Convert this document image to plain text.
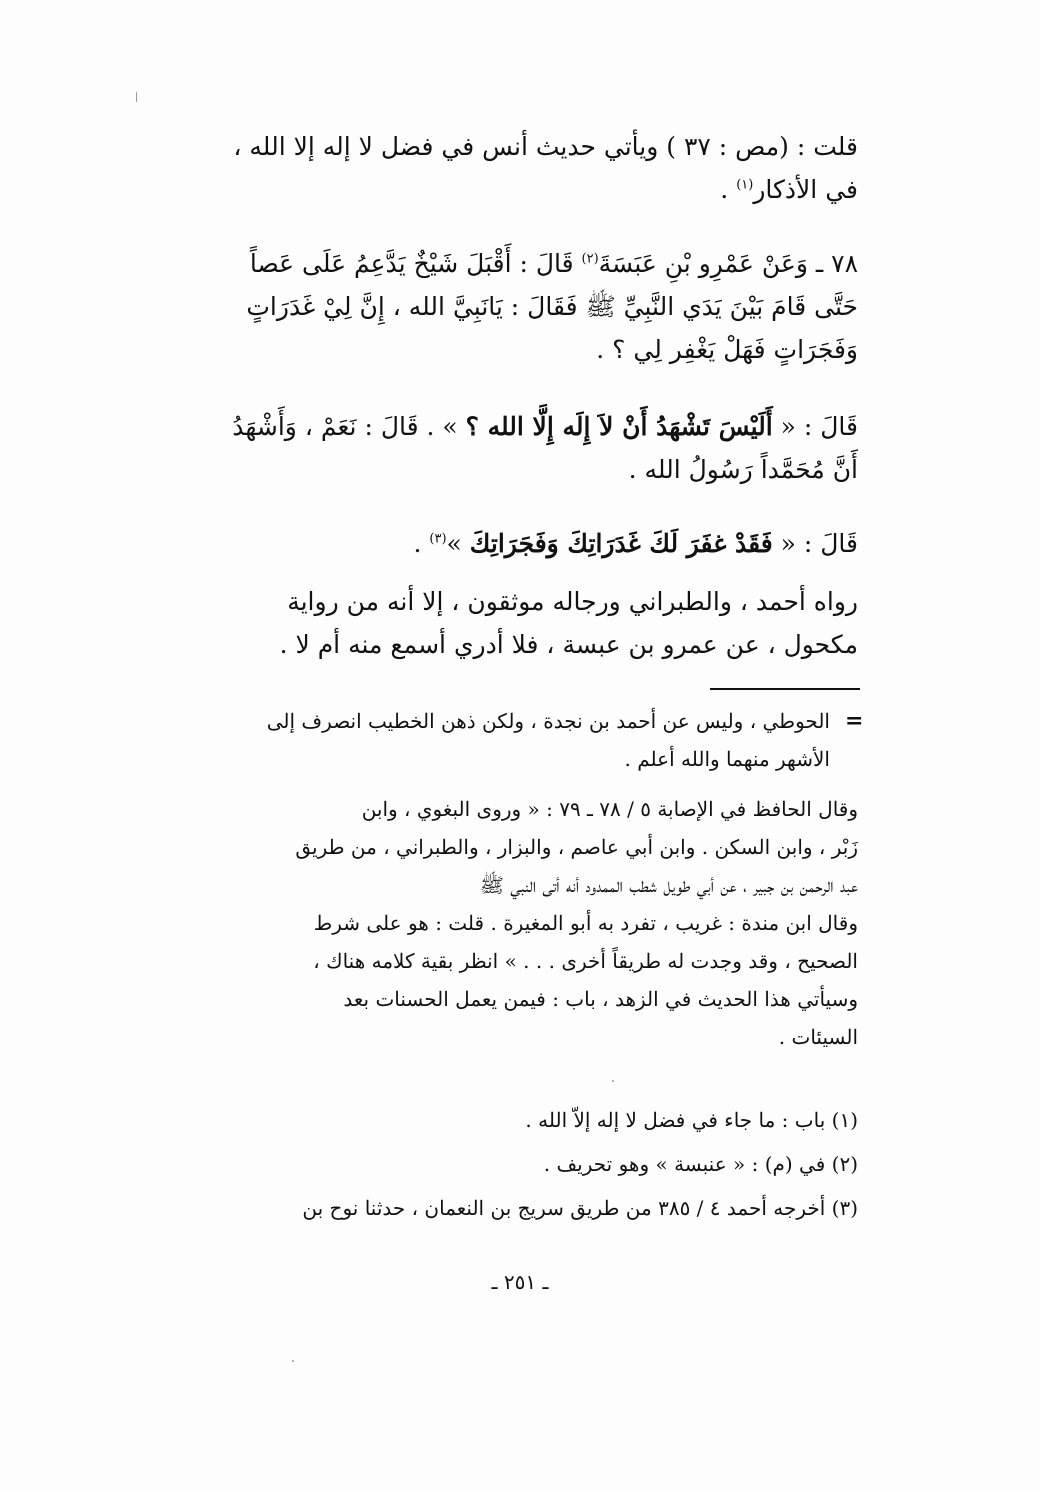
قلت : (مص : ٣٧ ) ويأتي حديث أنس في فضل لا إله إلا الله ،

في الأذكار$^{(١)}$ .

٧٨ ـ وَعَنْ عَمْرِو بْنِ عَبَسَةَ$^{(٢)}$ قَالَ : أَقْبَلَ شَيْخٌ يَدَّعِمُ عَلَى عَصاً

حَتَّى قَامَ بَيْنَ يَدَي النَّبِيِّ ﷺ فَقَالَ : يَانَبِيَّ الله ، إِنَّ لِيْ غَدَرَاتٍ

وَفَجَرَاتٍ فَهَلْ يَغْفِر لِي ؟ .

قَالَ : « أَلَيْسَ تَشْهَدُ أَنْ لاَ إِلَه إِلَّا الله ؟ » . قَالَ : نَعَمْ ، وَأَشْهَدُ

أَنَّ مُحَمَّداً رَسُولُ الله .

قَالَ : « فَقَدْ غفَرَ لَكَ غَدَرَاتِكَ وَفَجَرَاتِكَ »$^{(٣)}$ .

رواه أحمد ، والطبراني ورجاله موثقون ، إلا أنه من رواية

مكحول ، عن عمرو بن عبسة ، فلا أدري أسمع منه أم لا .

=

الحوطي ، وليس عن أحمد بن نجدة ، ولكن ذهن الخطيب انصرف إلى

الأشهر منهما والله أعلم .

وقال الحافظ في الإصابة ٥ / ٧٨ ـ ٧٩ : « وروى البغوي ، وابن

زَبْر ، وابن السكن . وابن أبي عاصم ، والبزار ، والطبراني ، من طريق

عبد الرحمن بن جبير ، عن أبي طويل شطب الممدود أنه أتى النبي ﷺ

وقال ابن مندة : غريب ، تفرد به أبو المغيرة . قلت : هو على شرط

الصحيح ، وقد وجدت له طريقاً أخرى . . . » انظر بقية كلامه هناك ،

وسيأتي هذا الحديث في الزهد ، باب : فيمن يعمل الحسنات بعد

السيئات .

(١) باب : ما جاء في فضل لا إله إلاّ الله .

(٢) في (م) : « عنبسة » وهو تحريف .

(٣) أخرجه أحمد ٤ / ٣٨٥ من طريق سريج بن النعمان ، حدثنا نوح بن

ـ ٢٥١ ـ
